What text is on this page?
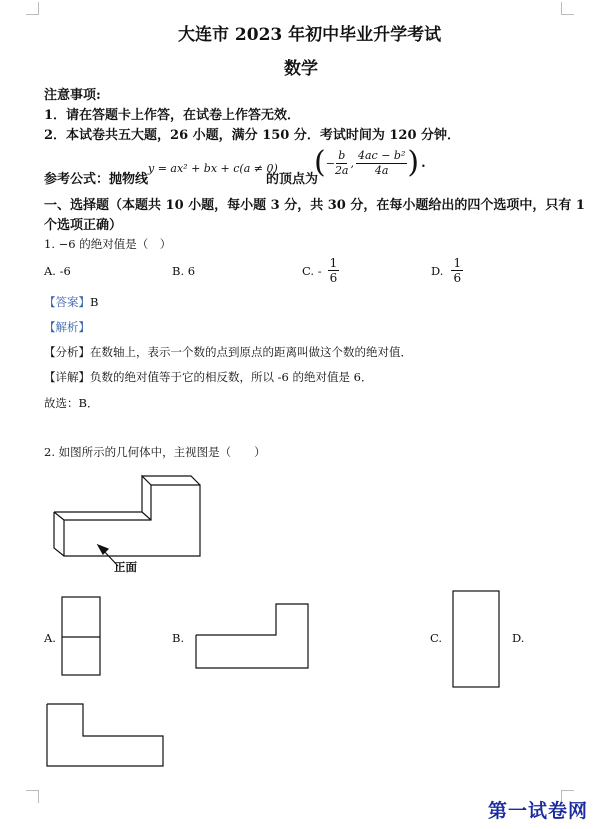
大连市 2023 年初中毕业升学考试
数学
注意事项:
1．请在答题卡上作答，在试卷上作答无效．
2．本试卷共五大题，26 小题，满分 150 分．考试时间为 120 分钟．
参考公式：抛物线
y = ax² + bx + c(a ≠ 0)
的顶点为
( − $\frac{b}{2a}$ , $\frac{\text{4ac − b²}}{4a}$ ) .
一、选择题（本题共 10 小题，每小题 3 分，共 30 分，在每小题给出的四个选项中，只有 1
个选项正确）
1. −6 的绝对值是（　）
A. -6	B. 6	C. - $\frac{1}{6}$	D. $\frac{1}{6}$
【答案】B
【解析】
【分析】在数轴上，表示一个数的点到原点的距离叫做这个数的绝对值．
【详解】负数的绝对值等于它的相反数，所以 -6 的绝对值是 6．
故选：B．
2. 如图所示的几何体中，主视图是（　　）
正面
A.	B.	C.	D.
第一试卷网
